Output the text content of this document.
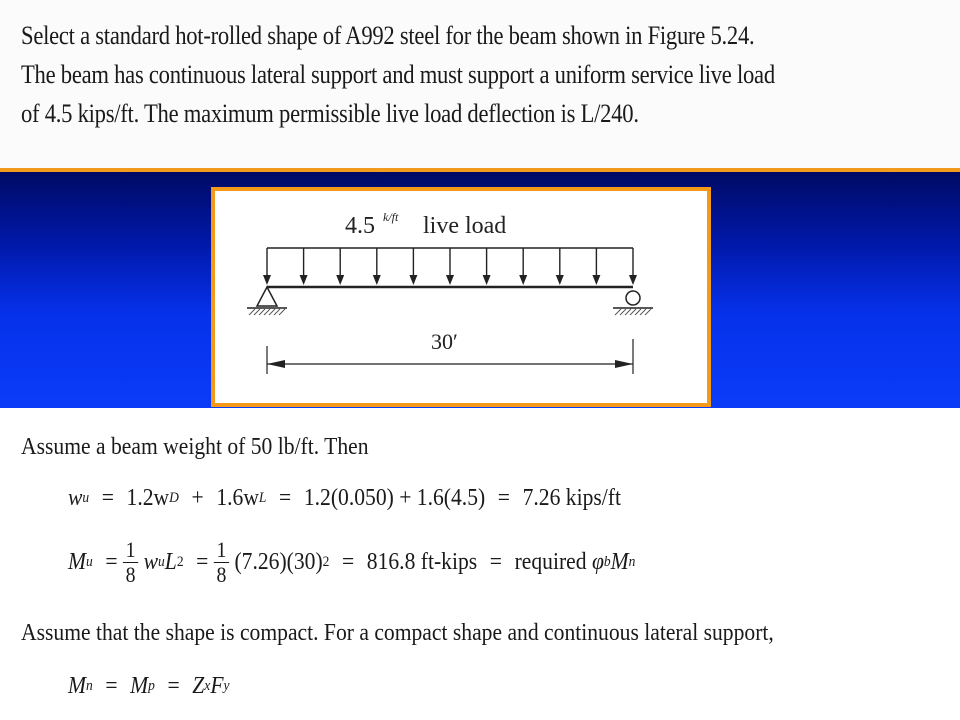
Select a standard hot-rolled shape of A992 steel for the beam shown in Figure 5.24.
The beam has continuous lateral support and must support a uniform service live load
of 4.5 kips/ft. The maximum permissible live load deflection is L/240.
4.5 k/ft live load
30′
Assume a beam weight of 50 lb/ft. Then
w u = 1.2w D + 1.6w L = 1.2(0.050) + 1.6(4.5) = 7.26 kips/ft
M $u = \frac{1}{8}$ w u L $2 = \frac{1}{8} (7.26)(30) 2 = 816.8$ ft-kips = required
φ b M n
Assume that the shape is compact. For a compact shape and continuous lateral support,
M n = M p = Z x F y
